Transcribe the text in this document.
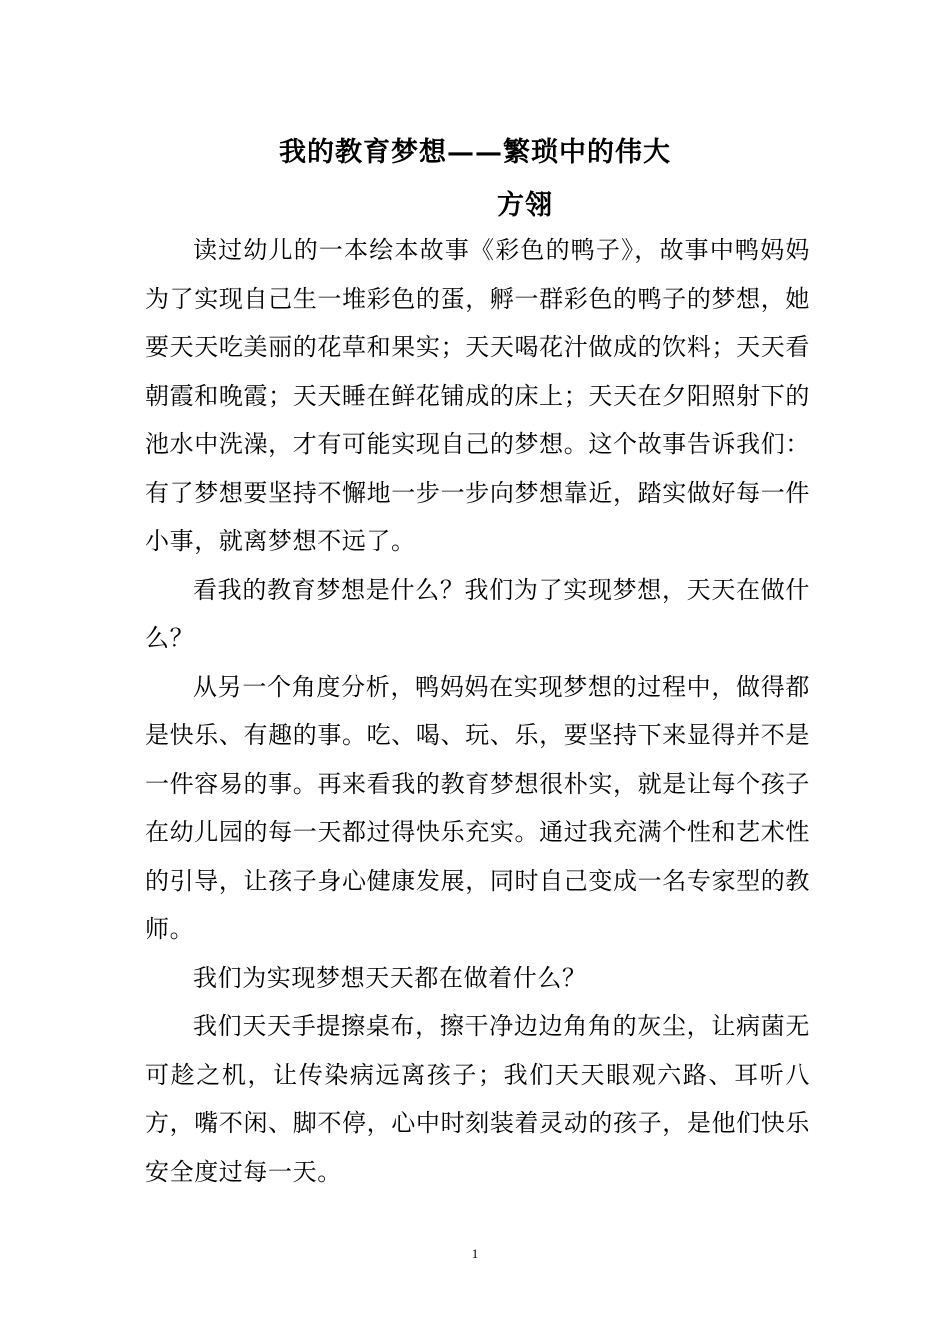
我的教育梦想——繁琐中的伟大
方翎

读过幼儿的一本绘本故事《彩色的鸭子》，故事中鸭妈妈为了实现自己生一堆彩色的蛋，孵一群彩色的鸭子的梦想，她要天天吃美丽的花草和果实；天天喝花汁做成的饮料；天天看朝霞和晚霞；天天睡在鲜花铺成的床上；天天在夕阳照射下的池水中洗澡，才有可能实现自己的梦想。这个故事告诉我们：有了梦想要坚持不懈地一步一步向梦想靠近，踏实做好每一件小事，就离梦想不远了。

看我的教育梦想是什么？我们为了实现梦想，天天在做什么？

从另一个角度分析，鸭妈妈在实现梦想的过程中，做得都是快乐、有趣的事。吃、喝、玩、乐，要坚持下来显得并不是一件容易的事。再来看我的教育梦想很朴实，就是让每个孩子在幼儿园的每一天都过得快乐充实。通过我充满个性和艺术性的引导，让孩子身心健康发展，同时自己变成一名专家型的教师。

我们为实现梦想天天都在做着什么？

我们天天手提擦桌布，擦干净边边角角的灰尘，让病菌无可趁之机，让传染病远离孩子；我们天天眼观六路、耳听八方，嘴不闲、脚不停，心中时刻装着灵动的孩子，是他们快乐安全度过每一天。

1
